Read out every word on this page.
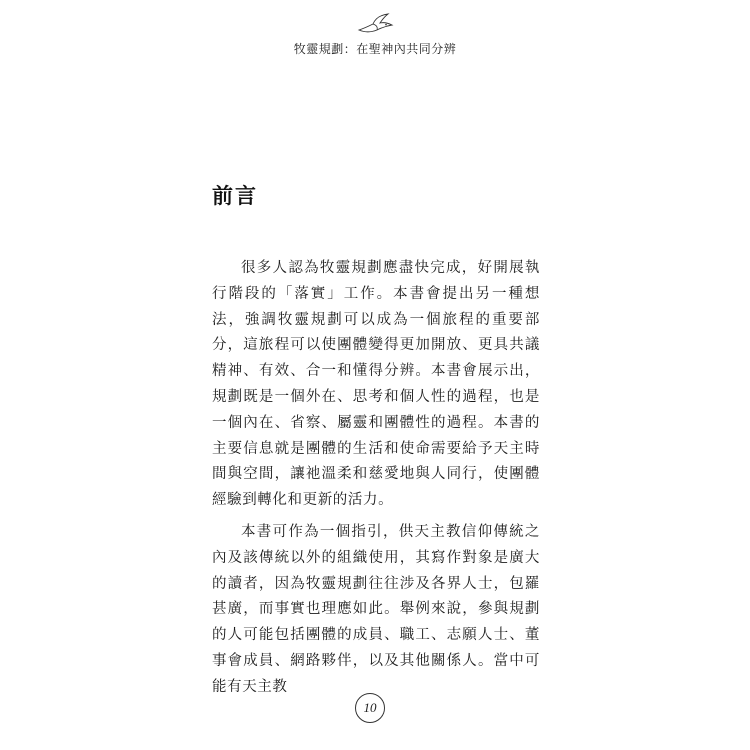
牧靈規劃：在聖神內共同分辨
前言

很多人認為牧靈規劃應盡快完成，好開展執行階段的「落實」工作。本書會提出另一種想法，強調牧靈規劃可以成為一個旅程的重要部分，這旅程可以使團體變得更加開放、更具共議精神、有效、合一和懂得分辨。本書會展示出，規劃既是一個外在、思考和個人性的過程，也是一個內在、省察、屬靈和團體性的過程。本書的主要信息就是團體的生活和使命需要給予天主時間與空間，讓祂溫柔和慈愛地與人同行，使團體經驗到轉化和更新的活力。

本書可作為一個指引，供天主教信仰傳統之內及該傳統以外的組織使用，其寫作對象是廣大的讀者，因為牧靈規劃往往涉及各界人士，包羅甚廣，而事實也理應如此。舉例來說，參與規劃的人可能包括團體的成員、職工、志願人士、董事會成員、網路夥伴，以及其他關係人。當中可能有天主教

10
